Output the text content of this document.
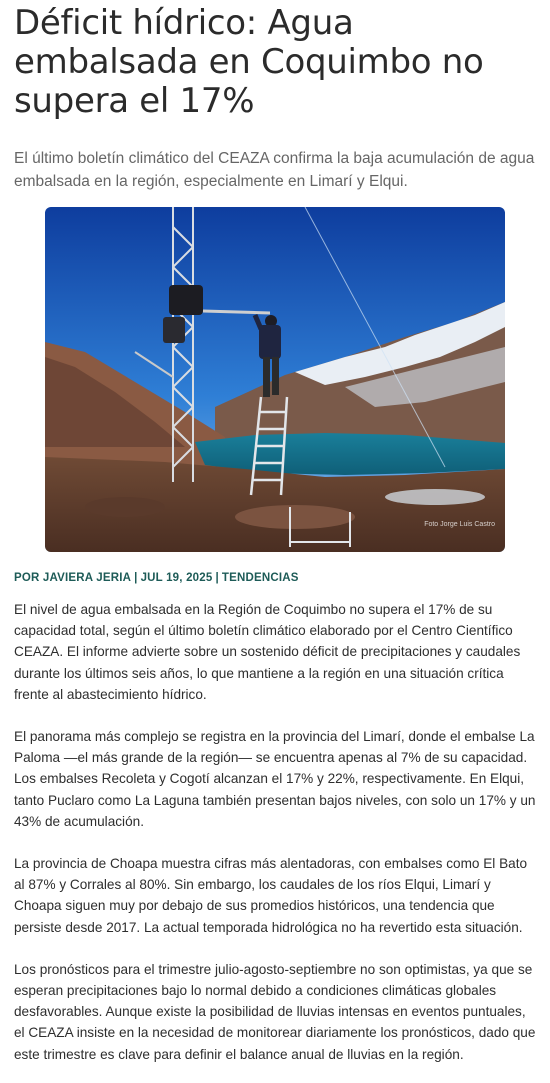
Déficit hídrico: Agua embalsada en Coquimbo no supera el 17%

El último boletín climático del CEAZA confirma la baja acumulación de agua embalsada en la región, especialmente en Limarí y Elqui.

Foto Jorge Luis Castro
POR JAVIERA JERIA | JUL 19, 2025 | TENDENCIAS

El nivel de agua embalsada en la Región de Coquimbo no supera el 17% de su capacidad total, según el último boletín climático elaborado por el Centro Científico CEAZA. El informe advierte sobre un sostenido déficit de precipitaciones y caudales durante los últimos seis años, lo que mantiene a la región en una situación crítica frente al abastecimiento hídrico.

El panorama más complejo se registra en la provincia del Limarí, donde el embalse La Paloma —el más grande de la región— se encuentra apenas al 7% de su capacidad. Los embalses Recoleta y Cogotí alcanzan el 17% y 22%, respectivamente. En Elqui, tanto Puclaro como La Laguna también presentan bajos niveles, con solo un 17% y un 43% de acumulación.

La provincia de Choapa muestra cifras más alentadoras, con embalses como El Bato al 87% y Corrales al 80%. Sin embargo, los caudales de los ríos Elqui, Limarí y Choapa siguen muy por debajo de sus promedios históricos, una tendencia que persiste desde 2017. La actual temporada hidrológica no ha revertido esta situación.

Los pronósticos para el trimestre julio-agosto-septiembre no son optimistas, ya que se esperan precipitaciones bajo lo normal debido a condiciones climáticas globales desfavorables. Aunque existe la posibilidad de lluvias intensas en eventos puntuales, el CEAZA insiste en la necesidad de monitorear diariamente los pronósticos, dado que este trimestre es clave para definir el balance anual de lluvias en la región.
